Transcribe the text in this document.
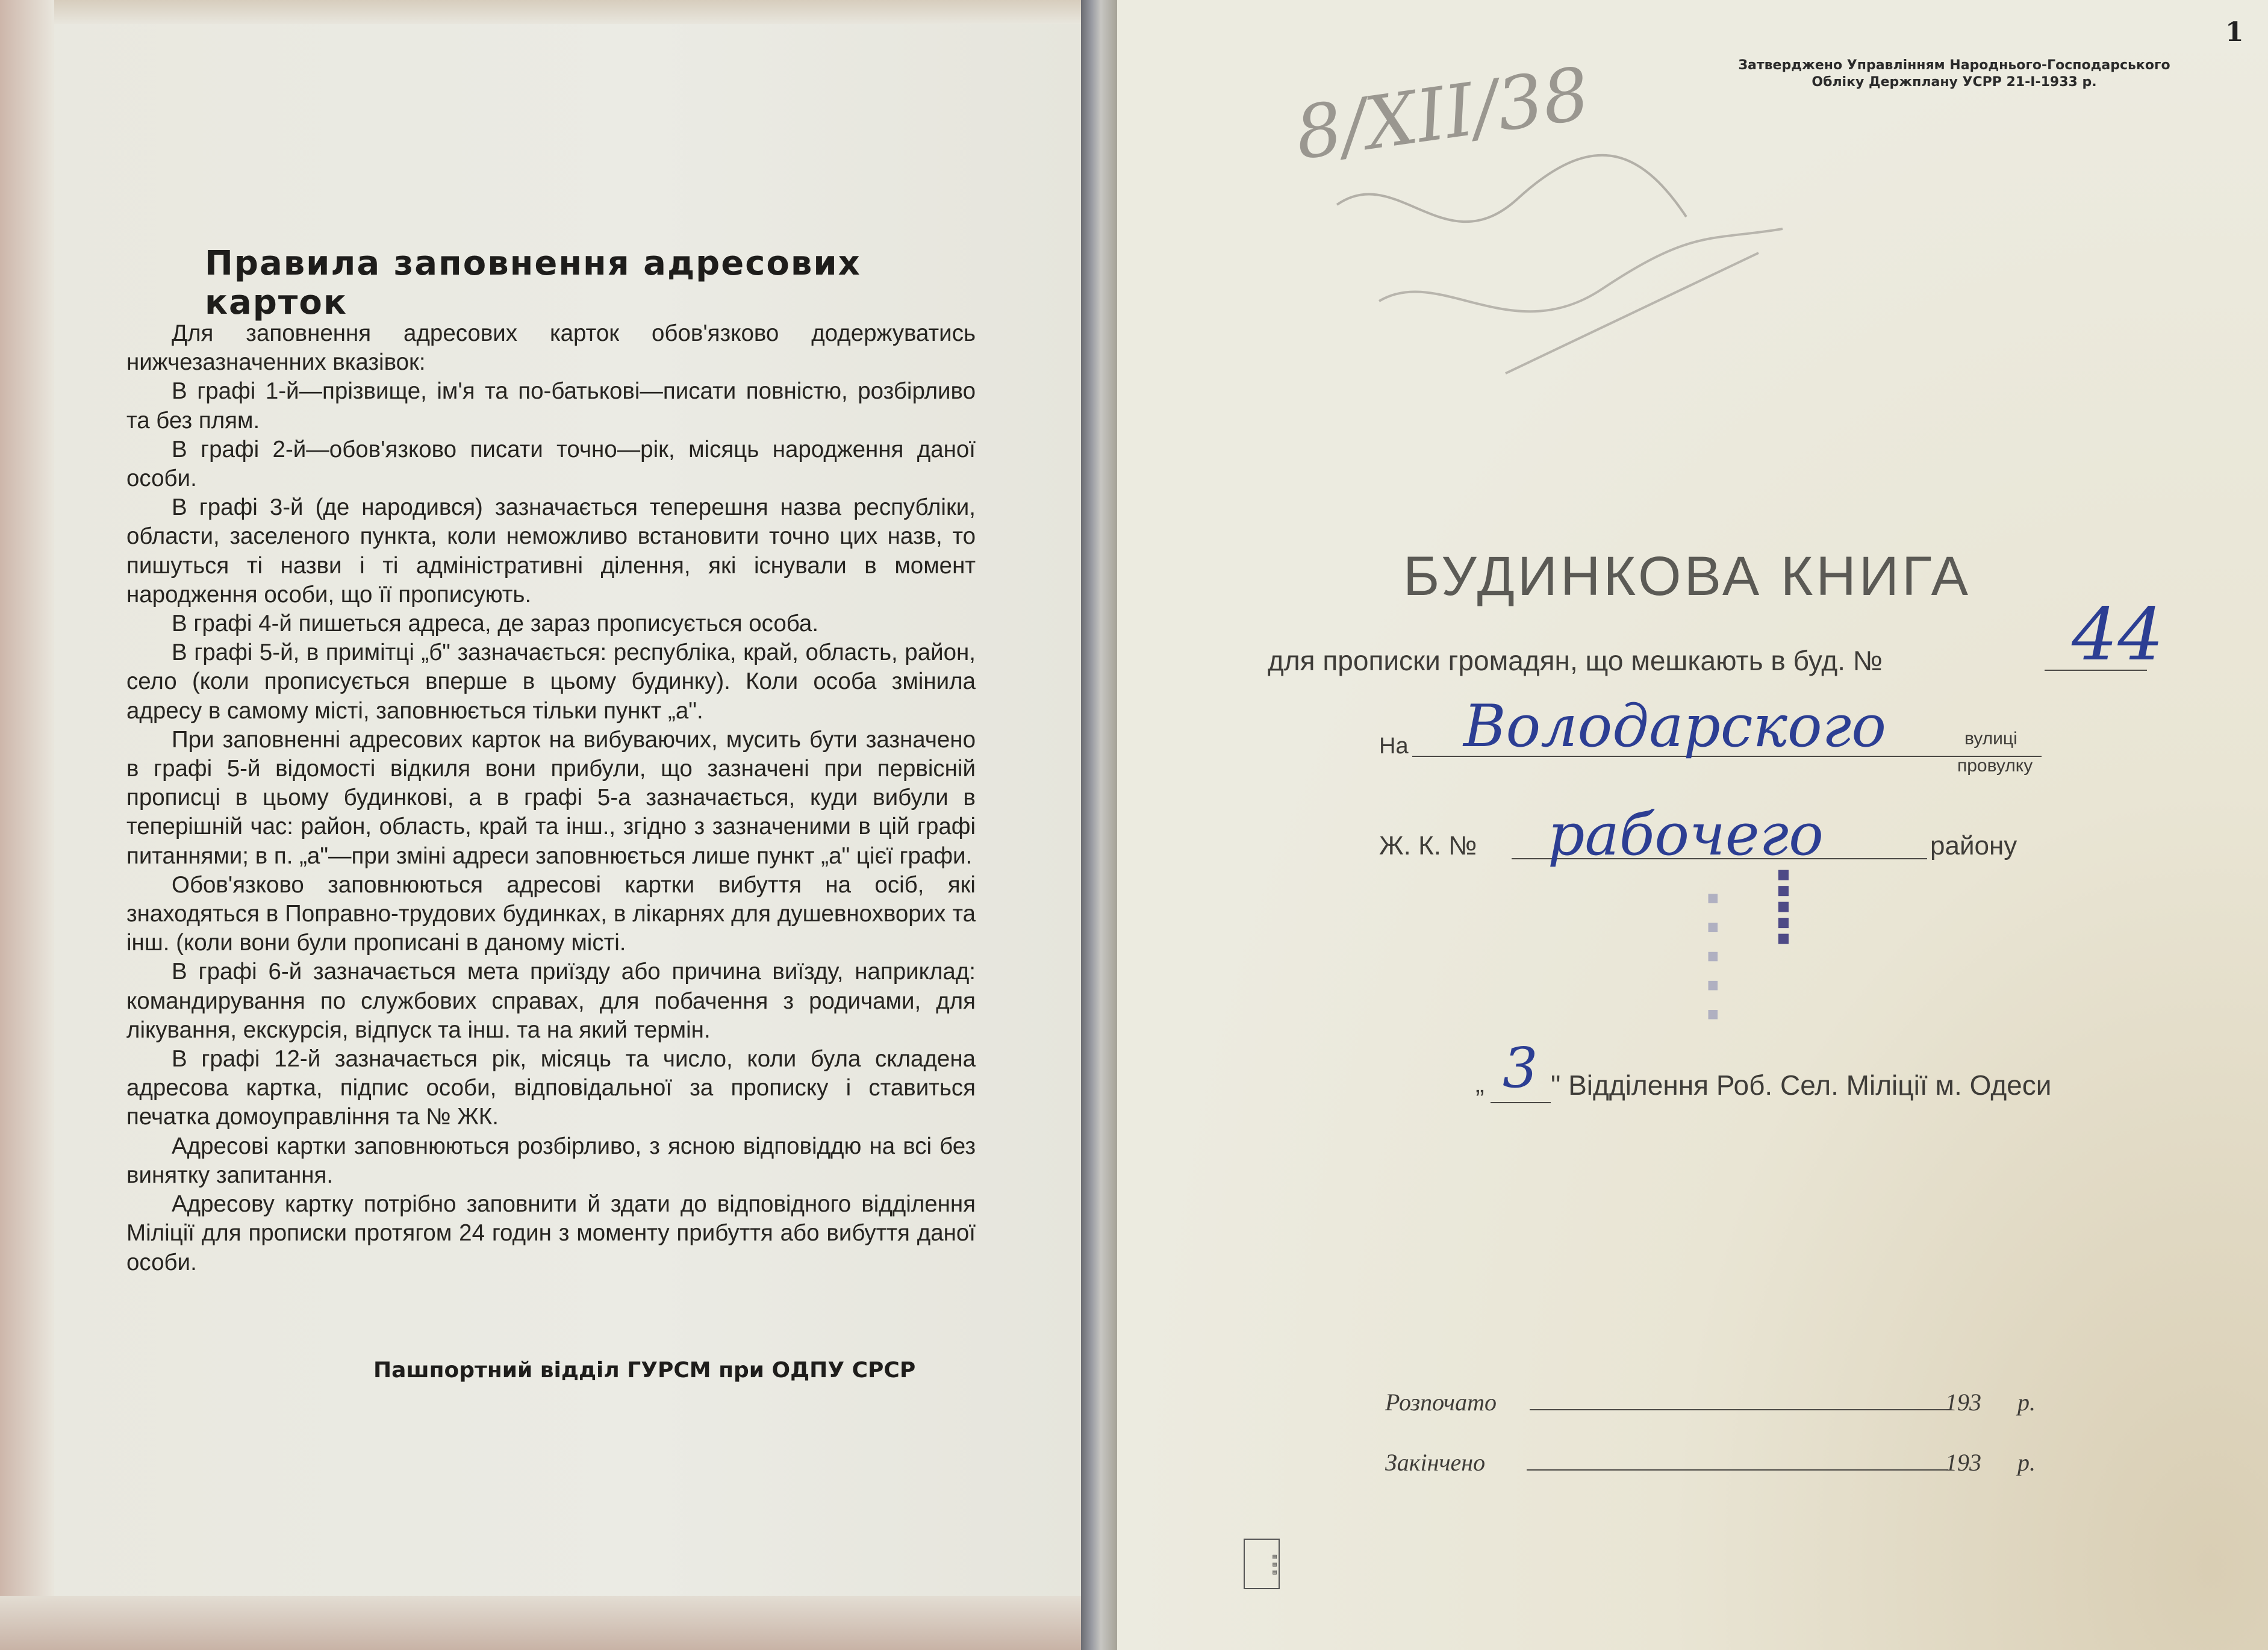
Правила заповнення адресових карток

Для заповнення адресових карток обов'язково додержуватись нижчезазначенних вказівок:

В графі 1-й—прізвище, ім'я та по-батькові—писати повністю, розбірливо та без плям.

В графі 2-й—обов'язково писати точно—рік, місяць народження даної особи.

В графі 3-й (де народився) зазначається теперешня назва республіки, области, заселеного пункта, коли неможливо встановити точно цих назв, то пишуться ті назви і ті адміністративні ділення, які існували в момент народження особи, що її прописують.

В графі 4-й пишеться адреса, де зараз прописується особа.

В графі 5-й, в примітці „б" зазначається: республіка, край, область, район, село (коли прописується вперше в цьому будинку). Коли особа змінила адресу в самому місті, заповнюється тільки пункт „а".

При заповненні адресових карток на вибуваючих, мусить бути зазначено в графі 5-й відомості відкиля вони прибули, що зазначені при первісній прописці в цьому будинкові, а в графі 5-а зазначається, куди вибули в теперішній час: район, область, край та інш., згідно з зазначеними в цій графі питаннями; в п. „а"—при зміні адреси заповнюється лише пункт „а" цієї графи.

Обов'язково заповнюються адресові картки вибуття на осіб, які знаходяться в Поправно-трудових будинках, в лікарнях для душевнохворих та інш. (коли вони були прописані в даному місті.

В графі 6-й зазначається мета приїзду або причина виїзду, наприклад: командирування по службових справах, для побачення з родичами, для лікування, екскурсія, відпуск та інш. та на який термін.

В графі 12-й зазначається рік, місяць та число, коли була складена адресова картка, підпис особи, відповідальної за прописку і ставиться печатка домоуправління та № ЖК.

Адресові картки заповнюються розбірливо, з ясною відповіддю на всі без винятку запитання.

Адресову картку потрібно заповнити й здати до відповідного відділення Міліції для прописки протягом 24 годин з моменту прибуття або вибуття даної особи.

Пашпортний відділ ГУРСМ при ОДПУ СРСР
1
Затверджено Управлінням Народнього-Господарського
Обліку Держплану УСРР 21-І-1933 р.
8/XII/38
БУДИНКОВА КНИГА
для прописки громадян, що мешкають в буд. №	44
На Володарского	вулиці
провулку
Ж. К. № рабочего	району
▪ ▪ ▪ ▪ ▪ ▪▪▪▪▪
„ 3 " Відділення Роб. Сел. Міліції м. Одеси
Розпочато	193 р.
Закінчено	193 р.
▤▤▤
